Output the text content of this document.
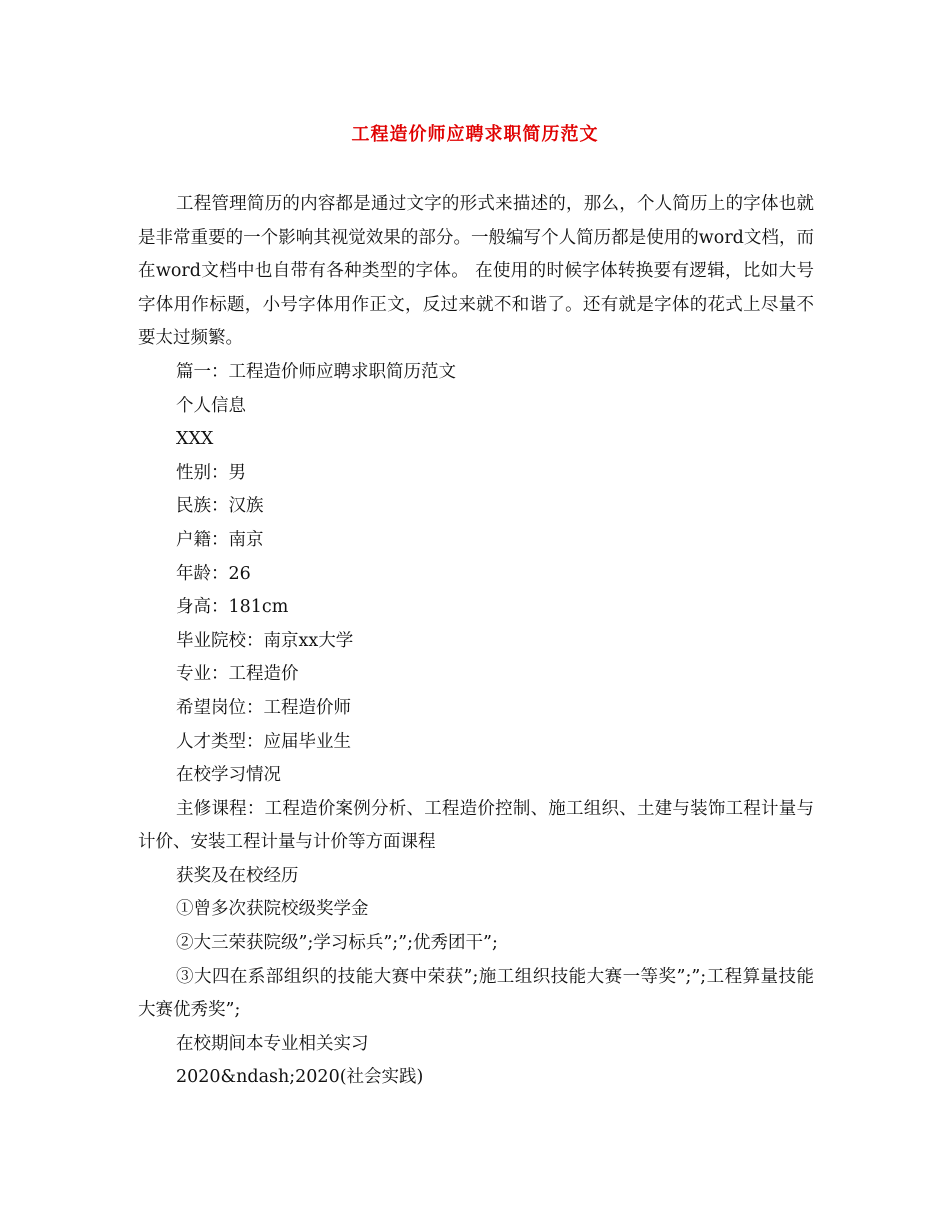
工程造价师应聘求职简历范文

工程管理简历的内容都是通过文字的形式来描述的，那么，个人简历上的字体也就是非常重要的一个影响其视觉效果的部分。一般编写个人简历都是使用的word文档，而在word文档中也自带有各种类型的字体。 在使用的时候字体转换要有逻辑，比如大号字体用作标题，小号字体用作正文，反过来就不和谐了。还有就是字体的花式上尽量不要太过频繁。

篇一：工程造价师应聘求职简历范文

个人信息

XXX

性别：男

民族：汉族

户籍：南京

年龄：26

身高：181cm

毕业院校：南京xx大学

专业：工程造价

希望岗位：工程造价师

人才类型：应届毕业生

在校学习情况

主修课程：工程造价案例分析、工程造价控制、施工组织、土建与装饰工程计量与计价、安装工程计量与计价等方面课程

获奖及在校经历

①曾多次获院校级奖学金

②大三荣获院级”;学习标兵”;”;优秀团干”;

③大四在系部组织的技能大赛中荣获”;施工组织技能大赛一等奖”;”;工程算量技能大赛优秀奖”;

在校期间本专业相关实习

2020&ndash;2020(社会实践)
